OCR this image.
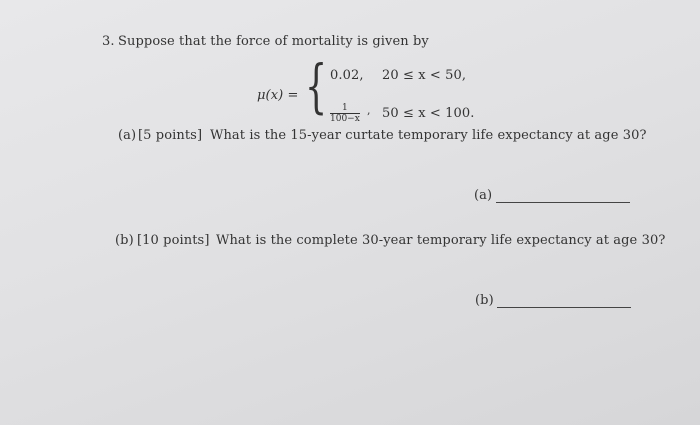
3. Suppose that the force of mortality is given by
μ(x) = { 0.02, 20 ≤ x < 50,
$\frac{1}{100-x}$ , 50 ≤ x < 100.
(a) [5 points] What is the 15-year curtate temporary life expectancy at age 30?
(a)
(b) [10 points] What is the complete 30-year temporary life expectancy at age 30?
(b)
